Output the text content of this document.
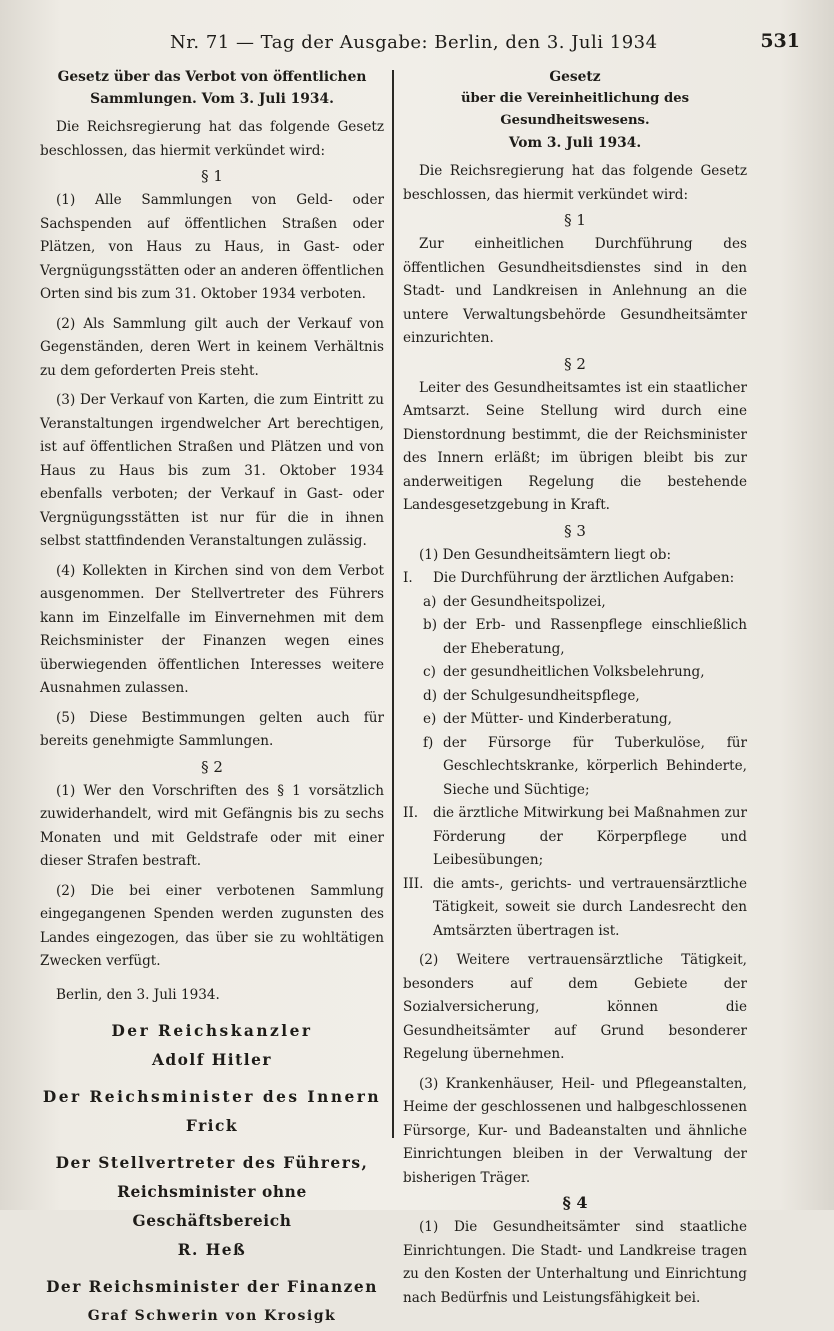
Nr. 71 — Tag der Ausgabe: Berlin, den 3. Juli 1934	531

Gesetz über das Verbot von öffentlichen

Sammlungen. Vom 3. Juli 1934.

Die Reichsregierung hat das folgende Gesetz beschlossen, das hiermit verkündet wird:

§ 1

(1) Alle Sammlungen von Geld- oder Sachspenden auf öffentlichen Straßen oder Plätzen, von Haus zu Haus, in Gast- oder Vergnügungsstätten oder an anderen öffentlichen Orten sind bis zum 31. Oktober 1934 verboten.

(2) Als Sammlung gilt auch der Verkauf von Gegenständen, deren Wert in keinem Verhältnis zu dem geforderten Preis steht.

(3) Der Verkauf von Karten, die zum Eintritt zu Veranstaltungen irgendwelcher Art berechtigen, ist auf öffentlichen Straßen und Plätzen und von Haus zu Haus bis zum 31. Oktober 1934 ebenfalls verboten; der Verkauf in Gast- oder Vergnügungsstätten ist nur für die in ihnen selbst stattfindenden Veranstaltungen zulässig.

(4) Kollekten in Kirchen sind von dem Verbot ausgenommen. Der Stellvertreter des Führers kann im Einzelfalle im Einvernehmen mit dem Reichsminister der Finanzen wegen eines überwiegenden öffentlichen Interesses weitere Ausnahmen zulassen.

(5) Diese Bestimmungen gelten auch für bereits genehmigte Sammlungen.

§ 2

(1) Wer den Vorschriften des § 1 vorsätzlich zuwiderhandelt, wird mit Gefängnis bis zu sechs Monaten und mit Geldstrafe oder mit einer dieser Strafen bestraft.

(2) Die bei einer verbotenen Sammlung eingegangenen Spenden werden zugunsten des Landes eingezogen, das über sie zu wohltätigen Zwecken verfügt.

Berlin, den 3. Juli 1934.

Der Reichskanzler

Adolf Hitler

Der Reichsminister des Innern

Frick

Der Stellvertreter des Führers,

Reichsminister ohne Geschäftsbereich

R. Heß

Der Reichsminister der Finanzen

Graf Schwerin von Krosigk

Gesetz

über die Vereinheitlichung des Gesundheitswesens.

Vom 3. Juli 1934.

Die Reichsregierung hat das folgende Gesetz beschlossen, das hiermit verkündet wird:

§ 1

Zur einheitlichen Durchführung des öffentlichen Gesundheitsdienstes sind in den Stadt- und Landkreisen in Anlehnung an die untere Verwaltungsbehörde Gesundheitsämter einzurichten.

§ 2

Leiter des Gesundheitsamtes ist ein staatlicher Amtsarzt. Seine Stellung wird durch eine Dienstordnung bestimmt, die der Reichsminister des Innern erläßt; im übrigen bleibt bis zur anderweitigen Regelung die bestehende Landesgesetzgebung in Kraft.

§ 3

(1) Den Gesundheitsämtern liegt ob:

I.	Die Durchführung der ärztlichen Aufgaben:
a) der Gesundheitspolizei,
b) der Erb- und Rassenpflege einschließlich der Eheberatung,
c) der gesundheitlichen Volksbelehrung,
d) der Schulgesundheitspflege,
e) der Mütter- und Kinderberatung,
f) der Fürsorge für Tuberkulöse, für Geschlechtskranke, körperlich Behinderte, Sieche und Süchtige;
II.	die ärztliche Mitwirkung bei Maßnahmen zur Förderung der Körperpflege und Leibesübungen;
III. die amts-, gerichts- und vertrauensärztliche Tätigkeit, soweit sie durch Landesrecht den Amtsärzten übertragen ist.

(2) Weitere vertrauensärztliche Tätigkeit, besonders auf dem Gebiete der Sozialversicherung, können die Gesundheitsämter auf Grund besonderer Regelung übernehmen.

(3) Krankenhäuser, Heil- und Pflegeanstalten, Heime der geschlossenen und halbgeschlossenen Fürsorge, Kur- und Badeanstalten und ähnliche Einrichtungen bleiben in der Verwaltung der bisherigen Träger.

§ 4

(1) Die Gesundheitsämter sind staatliche Einrichtungen. Die Stadt- und Landkreise tragen zu den Kosten der Unterhaltung und Einrichtung nach Bedürfnis und Leistungsfähigkeit bei.
